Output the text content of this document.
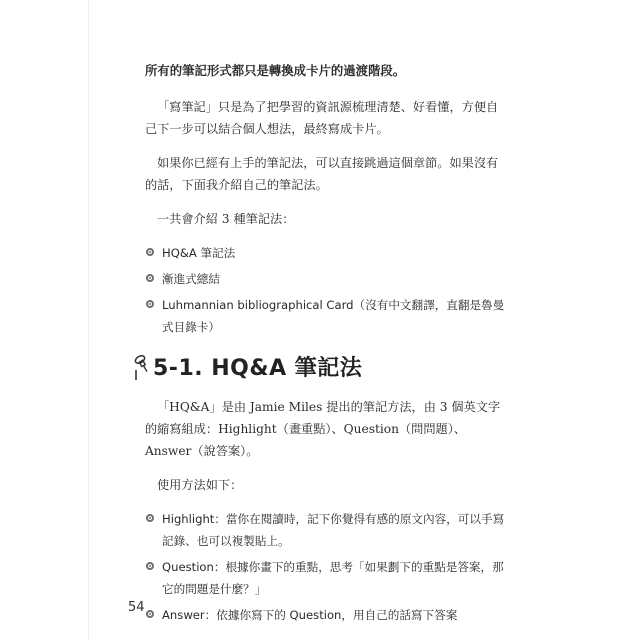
所有的筆記形式都只是轉換成卡片的過渡階段。

「寫筆記」只是為了把學習的資訊源梳理清楚、好看懂，方便自己下一步可以結合個人想法，最終寫成卡片。

如果你已經有上手的筆記法，可以直接跳過這個章節。如果沒有的話，下面我介紹自己的筆記法。

一共會介紹 3 種筆記法：

HQ&A 筆記法
漸進式總結
Luhmannian bibliographical Card（沒有中文翻譯，直翻是魯曼式目錄卡）
5-1. HQ&A 筆記法

「HQ&A」是由 Jamie Miles 提出的筆記方法，由 3 個英文字的縮寫組成：Highlight（畫重點）、Question（問問題）、Answer（說答案）。

使用方法如下：

Highlight：當你在閱讀時，記下你覺得有感的原文內容，可以手寫記錄、也可以複製貼上。
Question：根據你畫下的重點，思考「如果劃下的重點是答案，那它的問題是什麼？」
Answer：依據你寫下的 Question，用自己的話寫下答案
54
